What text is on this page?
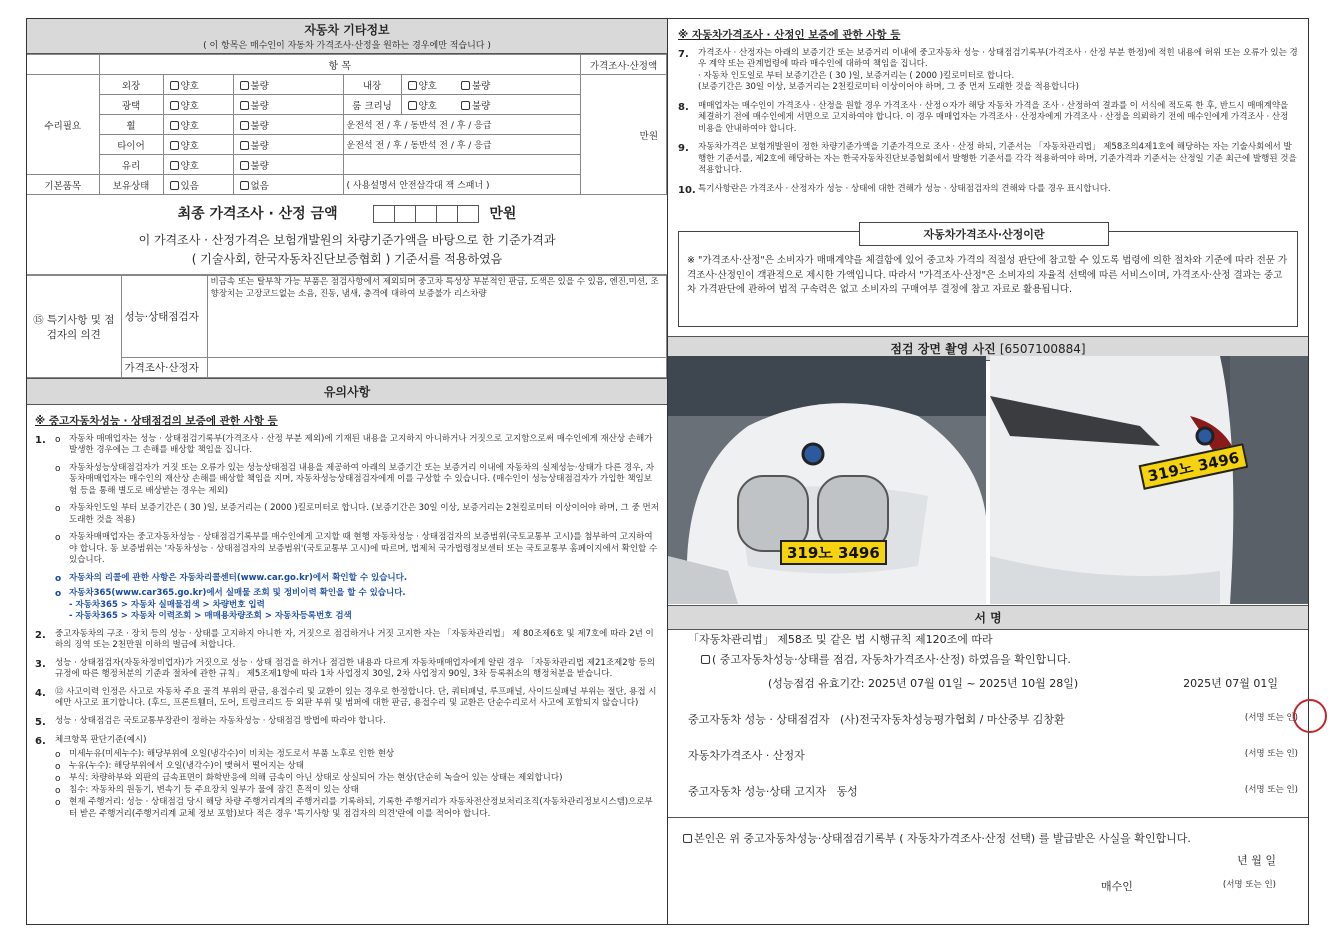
자동차 기타정보
( 이 항목은 매수인이 자동차 가격조사·산정을 원하는 경우에만 적습니다 )
	항 목					가격조사·산정액
수리필요	외장	양호	불량	내장	양호 불량	만원
	광택	양호	불량	룸 크리닝	양호 불량	
	휠	양호	불량	운전석 전 / 후 / 동반석 전 / 후 / 응급		
	타이어	양호	불량	운전석 전 / 후 / 동반석 전 / 후 / 응급		
	유리	양호	불량			
기본품목	보유상태	있음	없음	( 사용설명서 안전삼각대 잭 스패너 )		
최종 가격조사 · 산정 금액	만원
이 가격조사 · 산정가격은 보험개발원의 차량기준가액을 바탕으로 한 기준가격과
( 기술사회, 한국자동차진단보증협회 ) 기준서를 적용하였음
⑮ 특기사항 및 점검자의 의견	성능·상태점검자	비금속 또는 탈부착 가능 부품은 점검사항에서 제외되며 중고차 특성상 부분적인 판금, 도색은 있을 수 있음, 엔진,미션, 조향장치는 고장코드없는 소음, 진동, 냄새, 충격에 대하여 보증불가 리스차량
	가격조사·산정자	
유의사항
※ 중고자동차성능 · 상태점검의 보증에 관한 사항 등
1.	o 자동차 매매업자는 성능 · 상태점검기록부(가격조사 · 산정 부분 제외)에 기재된 내용을 고지하지 아니하거나 거짓으로 고지함으로써 매수인에게 재산상 손해가 발생한 경우에는 그 손해를 배상할 책임을 집니다.
o 자동차성능상태점검자가 거짓 또는 오류가 있는 성능상태점검 내용을 제공하여 아래의 보증기간 또는 보증거리 이내에 자동차의 실제성능·상태가 다른 경우, 자동차매매업자는 매수인의 재산상 손해를 배상할 책임을 지며, 자동차성능상태점검자에게 이를 구상할 수 있습니다. (매수인이 성능상태점검자가 가입한 책임보험 등을 통해 별도로 배상받는 경우는 제외)
o 자동차인도일 부터 보증기간은 ( 30 )일, 보증거리는 ( 2000 )킬로미터로 합니다. (보증기간은 30일 이상, 보증거리는 2천킬로미터 이상이어야 하며, 그 중 먼저 도래한 것을 적용)
o 자동차매매업자는 중고자동차성능 · 상태점검기록부를 매수인에게 고지할 때 현행 자동차성능 · 상태점검자의 보증범위(국토교통부 고시)를 첨부하여 고지하여야 합니다. 동 보증범위는 '자동차성능 · 상태점검자의 보증범위'(국토교통부 고시)에 따르며, 법제처 국가법령정보센터 또는 국토교통부 홈페이지에서 확인할 수 있습니다.
o 자동차의 리콜에 관한 사항은 자동차리콜센터(www.car.go.kr)에서 확인할 수 있습니다.
o 자동차365(www.car365.go.kr)에서 실매물 조회 및 정비이력 확인을 할 수 있습니다.
- 자동차365 > 자동차 실매물검색 > 차량번호 입력
- 자동차365 > 자동차 이력조회 > 매매용차량조회 > 자동차등록번호 검색
2.	중고자동차의 구조 · 장치 등의 성능 · 상태를 고지하지 아니한 자, 거짓으로 점검하거나 거짓 고지한 자는 「자동차관리법」 제 80조제6호 및 제7호에 따라 2년 이하의 징역 또는 2천만원 이하의 벌금에 처합니다.
3.	성능 · 상태점검자(자동차정비업자)가 거짓으로 성능 · 상태 점검을 하거나 점검한 내용과 다르게 자동차매매업자에게 알린 경우 「자동차관리법 제21조제2항 등의 규정에 따른 행정처분의 기준과 절차에 관한 규칙」 제5조제1항에 따라 1차 사업정지 30일, 2차 사업정지 90일, 3차 등록취소의 행정처분을 받습니다.
4.	⑫ 사고이력 인정은 사고로 자동차 주요 골격 부위의 판금, 용접수리 및 교환이 있는 경우로 한정합니다. 단, 쿼터패널, 루프패널, 사이드실패널 부위는 절단, 용접 시에만 사고로 표기합니다. (후드, 프론트휀더, 도어, 트렁크리드 등 외판 부위 및 범퍼에 대한 판금, 용접수리 및 교환은 단순수리로서 사고에 포함되지 않습니다)
5.	성능 · 상태점검은 국토교통부장관이 정하는 자동차성능 · 상태점검 방법에 따라야 합니다.
6.	체크항목 판단기준(예시)
o 미세누유(미세누수): 해당부위에 오일(냉각수)이 비치는 정도로서 부품 노후로 인한 현상
o 누유(누수): 해당부위에서 오일(냉각수)이 맺혀서 떨어지는 상태
o 부식: 차량하부와 외판의 금속표면이 화학반응에 의해 금속이 아닌 상태로 상실되어 가는 현상(단순히 녹슬어 있는 상태는 제외합니다)
o 침수: 자동차의 원동기, 변속기 등 주요장치 일부가 물에 잠긴 흔적이 있는 상태
o 현재 주행거리: 성능 · 상태점검 당시 해당 차량 주행거리계의 주행거리를 기록하되, 기록한 주행거리가 자동차전산정보처리조직(자동차관리정보시스템)으로부터 받은 주행거리(주행거리계 교체 정보 포함)보다 적은 경우 '특기사항 및 점검자의 의견'란에 이를 적어야 합니다.
※ 자동차가격조사 · 산정인 보증에 관한 사항 등
7.	가격조사 · 산정자는 아래의 보증기간 또는 보증거리 이내에 중고자동차 성능 · 상태점검기록부(가격조사 · 산정 부분 한정)에 적힌 내용에 허위 또는 오류가 있는 경우 계약 또는 관계법령에 따라 매수인에 대하여 책임을 집니다.
· 자동차 인도일로 부터 보증기간은 ( 30 )일, 보증거리는 ( 2000 )킬로미터로 합니다.
(보증기간은 30일 이상, 보증거리는 2천킬로미터 이상이어야 하며, 그 중 먼저 도래한 것을 적용합니다)
8.	매매업자는 매수인이 가격조사 · 산정을 원할 경우 가격조사 · 산정ㅇ자가 해당 자동차 가격을 조사 · 산정하여 결과를 이 서식에 적도록 한 후, 반드시 매매계약을 체결하기 전에 매수인에게 서면으로 고지하여야 합니다. 이 경우 매매업자는 가격조사 · 산정자에게 가격조사 · 산정을 의뢰하기 전에 매수인에게 가격조사 · 산정 비용을 안내하여야 합니다.
9.	자동차가격은 보험개발원이 정한 차량기준가액을 기준가격으로 조사 · 산정 하되, 기준서는 「자동차관리법」 제58조의4제1호에 해당하는 자는 기술사회에서 발행한 기준서를, 제2호에 해당하는 자는 한국자동차진단보증협회에서 발행한 기준서를 각각 적용하여야 하며, 기준가격과 기준서는 산정일 기준 최근에 발행된 것을 적용합니다.
10. 특기사항란은 가격조사 · 산정자가 성능 · 상태에 대한 견해가 성능 · 상태점검자의 견해와 다를 경우 표시합니다.
자동차가격조사·산정이란
※ "가격조사·산정"은 소비자가 매매계약을 체결함에 있어 중고차 가격의 적절성 판단에 참고할 수 있도록 법령에 의한 절차와 기준에 따라 전문 가격조사·산정인이 객관적으로 제시한 가액입니다. 따라서 "가격조사·산정"은 소비자의 자율적 선택에 따른 서비스이며, 가격조사·산정 결과는 중고차 가격판단에 관하여 법적 구속력은 없고 소비자의 구매여부 결정에 참고 자료로 활용됩니다.
점검 장면 촬영 사진 [6507100884]
319노 3496
319노 3496
서 명
「자동차관리법」 제58조 및 같은 법 시행규칙 제120조에 따라
( 중고자동차성능·상태를 점검, 자동차가격조사·산정) 하였음을 확인합니다.
(성능점검 유효기간: 2025년 07월 01일 ~ 2025년 10월 28일)	2025년 07월 01일
중고자동차 성능 · 상태점검자 (사)전국자동차성능평가협회 / 마산중부 김창환	(서명 또는 인)
자동차가격조사 · 산정자	(서명 또는 인)
중고자동차 성능·상태 고지자 동성	(서명 또는 인)
본인은 위 중고자동차성능·상태점검기록부 ( 자동차가격조사·산정 선택) 를 발급받은 사실을 확인합니다.
년 월 일
매수인	(서명 또는 인)
